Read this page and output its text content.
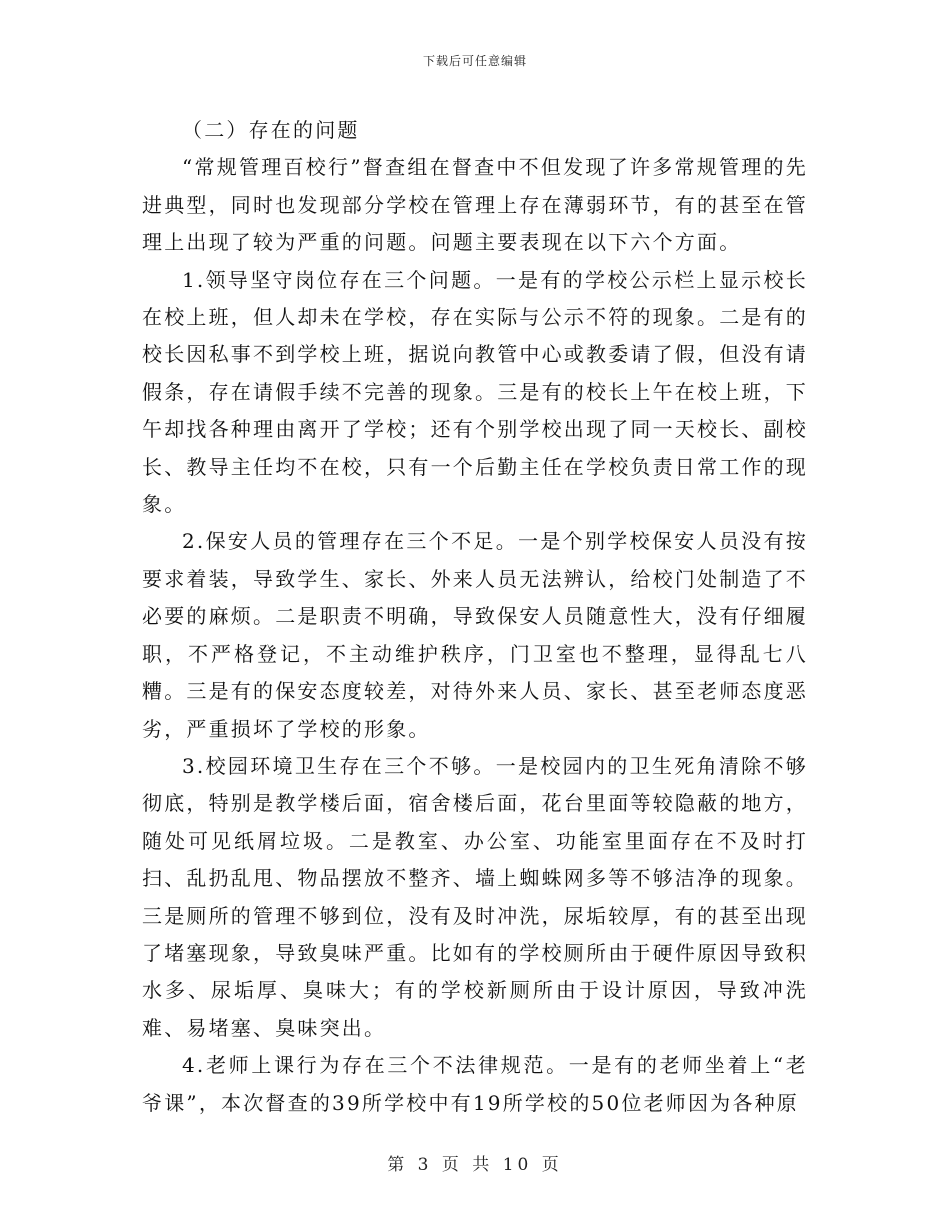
下载后可任意编辑

（二）存在的问题

“常规管理百校行”督查组在督查中不但发现了许多常规管理的先进典型，同时也发现部分学校在管理上存在薄弱环节，有的甚至在管理上出现了较为严重的问题。问题主要表现在以下六个方面。

1.领导坚守岗位存在三个问题。一是有的学校公示栏上显示校长在校上班，但人却未在学校，存在实际与公示不符的现象。二是有的校长因私事不到学校上班，据说向教管中心或教委请了假，但没有请假条，存在请假手续不完善的现象。三是有的校长上午在校上班，下午却找各种理由离开了学校；还有个别学校出现了同一天校长、副校长、教导主任均不在校，只有一个后勤主任在学校负责日常工作的现象。

2.保安人员的管理存在三个不足。一是个别学校保安人员没有按要求着装，导致学生、家长、外来人员无法辨认，给校门处制造了不必要的麻烦。二是职责不明确，导致保安人员随意性大，没有仔细履职，不严格登记，不主动维护秩序，门卫室也不整理，显得乱七八糟。三是有的保安态度较差，对待外来人员、家长、甚至老师态度恶劣，严重损坏了学校的形象。

3.校园环境卫生存在三个不够。一是校园内的卫生死角清除不够彻底，特别是教学楼后面，宿舍楼后面，花台里面等较隐蔽的地方，随处可见纸屑垃圾。二是教室、办公室、功能室里面存在不及时打扫、乱扔乱甩、物品摆放不整齐、墙上蜘蛛网多等不够洁净的现象。三是厕所的管理不够到位，没有及时冲洗，尿垢较厚，有的甚至出现了堵塞现象，导致臭味严重。比如有的学校厕所由于硬件原因导致积水多、尿垢厚、臭味大；有的学校新厕所由于设计原因，导致冲洗难、易堵塞、臭味突出。

4.老师上课行为存在三个不法律规范。一是有的老师坐着上“老爷课”，本次督查的39所学校中有19所学校的50位老师因为各种原

第 3 页 共 10 页
